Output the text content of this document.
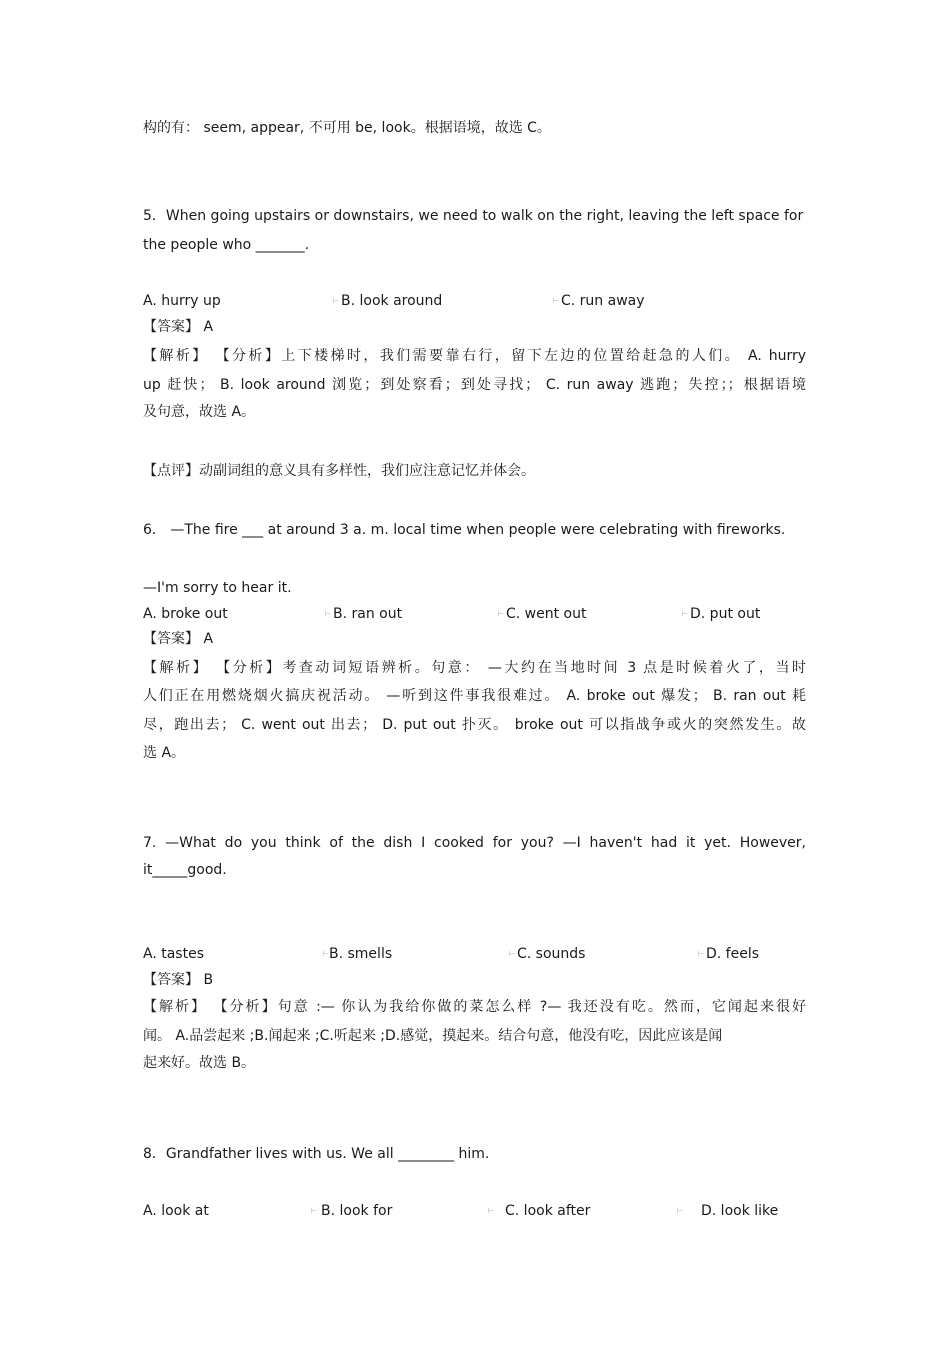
构的有： seem, appear, 不可用 be, look。根据语境，故选 C。
5．When going upstairs or downstairs, we need to walk on the right, leaving the left space for
the people who _______.
A. hurry up	⊢ B. look around	⊢ C. run away
【答案】 A
【解析】 【分析】上下楼梯时，我们需要靠右行，留下左边的位置给赶急的人们。 A. hurry
up 赶快； B. look around 浏览；到处察看；到处寻找； C. run away 逃跑；失控；；根据语境
及句意，故选 A。
【点评】动副词组的意义具有多样性，我们应注意记忆并体会。
6． —The fire ___ at around 3 a. m. local time when people were celebrating with fireworks.
—I'm sorry to hear it.
A. broke out	⊢ B. ran out	⊢ C. went out	⊢ D. put out
【答案】 A
【解析】 【分析】考查动词短语辨析。句意： —大约在当地时间 3 点是时候着火了，当时
人们正在用燃烧烟火搞庆祝活动。 —听到这件事我很难过。 A. broke out 爆发； B. ran out 耗
尽，跑出去； C. went out 出去； D. put out 扑灭。 broke out 可以指战争或火的突然发生。故
选 A。
7. —What do you think of the dish I cooked for you? —I haven't had it yet. However,
it_____good.
A. tastes	⊢ B. smells	⊢ C. sounds	⊢ D. feels
【答案】 B
【解析】 【分析】句意 :— 你认为我给你做的菜怎么样 ?— 我还没有吃。然而，它闻起来很好
闻。 A.品尝起来 ;B.闻起来 ;C.听起来 ;D.感觉，摸起来。结合句意，他没有吃，因此应该是闻
起来好。故选 B。
8．Grandfather lives with us. We all ________ him.
A. look at	⊢ B. look for	⊢ C. look after	⊢ D. look like
